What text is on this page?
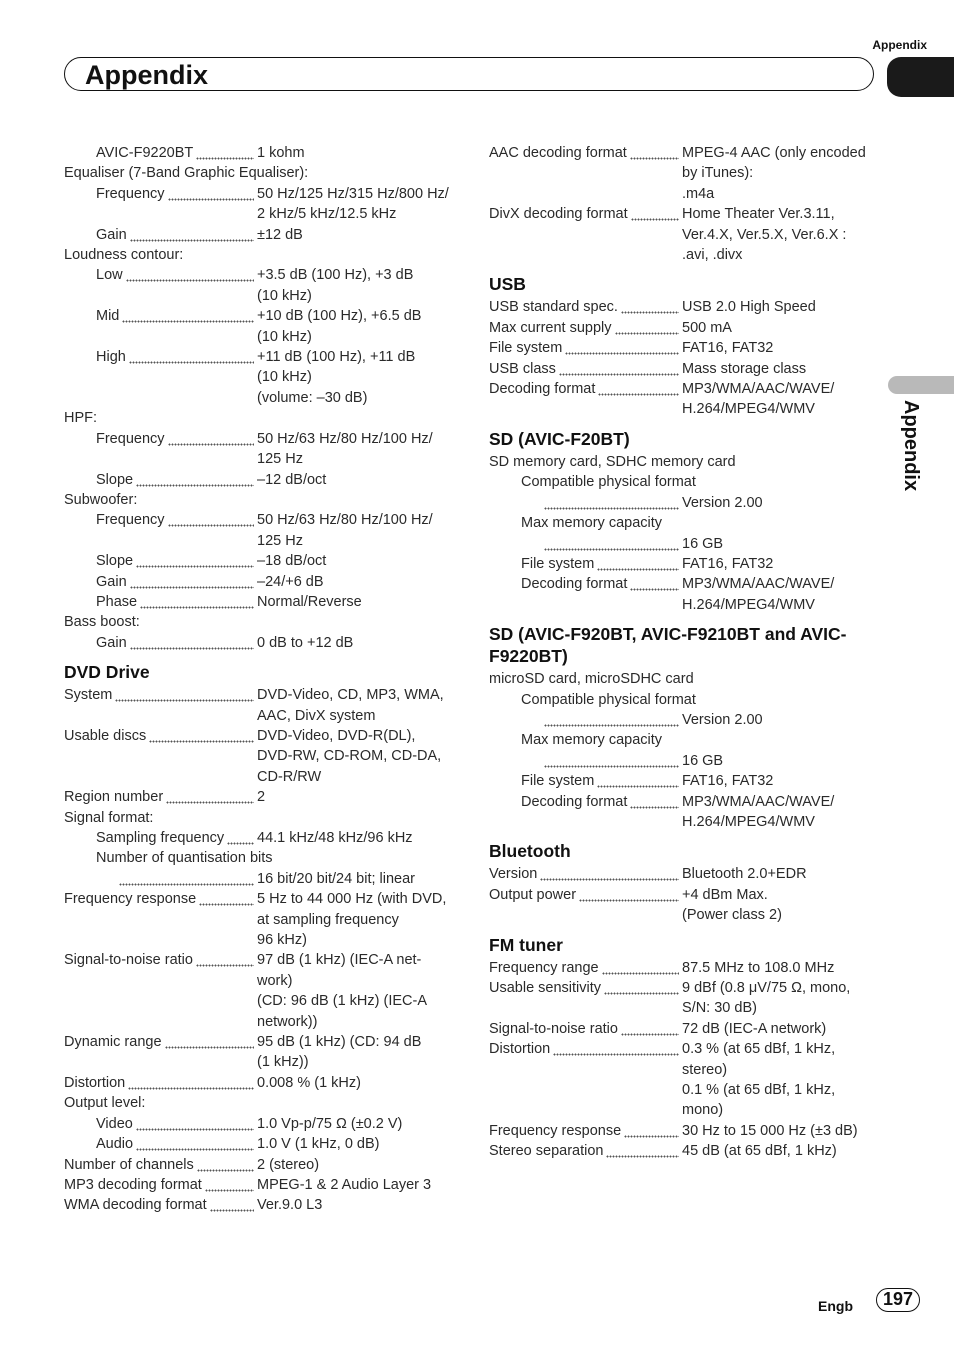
Appendix
Appendix
Appendix
AVIC-F9220BT	1 kohm
Equaliser (7-Band Graphic Equaliser):
Frequency	50 Hz/125 Hz/315 Hz/800 Hz/
2 kHz/5 kHz/12.5 kHz
Gain	±12 dB
Loudness contour:
Low	+3.5 dB (100 Hz), +3 dB
(10 kHz)
Mid	+10 dB (100 Hz), +6.5 dB
(10 kHz)
High	+11 dB (100 Hz), +11 dB
(10 kHz)
(volume: –30 dB)
HPF:
Frequency	50 Hz/63 Hz/80 Hz/100 Hz/
125 Hz
Slope	–12 dB/oct
Subwoofer:
Frequency	50 Hz/63 Hz/80 Hz/100 Hz/
125 Hz
Slope	–18 dB/oct
Gain	–24/+6 dB
Phase	Normal/Reverse
Bass boost:
Gain	0 dB to +12 dB
DVD Drive
System	DVD-Video, CD, MP3, WMA,
AAC, DivX system
Usable discs	DVD-Video, DVD-R(DL),
DVD-RW, CD-ROM, CD-DA,
CD-R/RW
Region number	2
Signal format:
Sampling frequency 44.1 kHz/48 kHz/96 kHz
Number of quantisation bits
16 bit/20 bit/24 bit; linear
Frequency response	5 Hz to 44 000 Hz (with DVD,
at sampling frequency
96 kHz)
Signal-to-noise ratio	97 dB (1 kHz) (IEC-A net-
work)
(CD: 96 dB (1 kHz) (IEC-A
network))
Dynamic range	95 dB (1 kHz) (CD: 94 dB
(1 kHz))
Distortion	0.008 % (1 kHz)
Output level:
Video	1.0 Vp-p/75 Ω (±0.2 V)
Audio	1.0 V (1 kHz, 0 dB)
Number of channels	2 (stereo)
MP3 decoding format	MPEG-1 & 2 Audio Layer 3
WMA decoding format	Ver.9.0 L3
AAC decoding format	MPEG-4 AAC (only encoded
by iTunes):
.m4a
DivX decoding format	Home Theater Ver.3.11,
Ver.4.X, Ver.5.X, Ver.6.X :
.avi, .divx
USB
USB standard spec.	USB 2.0 High Speed
Max current supply	500 mA
File system	FAT16, FAT32
USB class	Mass storage class
Decoding format	MP3/WMA/AAC/WAVE/
H.264/MPEG4/WMV
SD (AVIC-F20BT)
SD memory card, SDHC memory card
Compatible physical format
Version 2.00
Max memory capacity
16 GB
File system	FAT16, FAT32
Decoding format	MP3/WMA/AAC/WAVE/
H.264/MPEG4/WMV
SD (AVIC-F920BT, AVIC-F9210BT and AVIC-
F9220BT)
microSD card, microSDHC card
Compatible physical format
Version 2.00
Max memory capacity
16 GB
File system	FAT16, FAT32
Decoding format	MP3/WMA/AAC/WAVE/
H.264/MPEG4/WMV
Bluetooth
Version	Bluetooth 2.0+EDR
Output power	+4 dBm Max.
(Power class 2)
FM tuner
Frequency range	87.5 MHz to 108.0 MHz
Usable sensitivity	9 dBf (0.8 μV/75 Ω, mono,
S/N: 30 dB)
Signal-to-noise ratio	72 dB (IEC-A network)
Distortion	0.3 % (at 65 dBf, 1 kHz,
stereo)
0.1 % (at 65 dBf, 1 kHz,
mono)
Frequency response	30 Hz to 15 000 Hz (±3 dB)
Stereo separation	45 dB (at 65 dBf, 1 kHz)
Engb	197
